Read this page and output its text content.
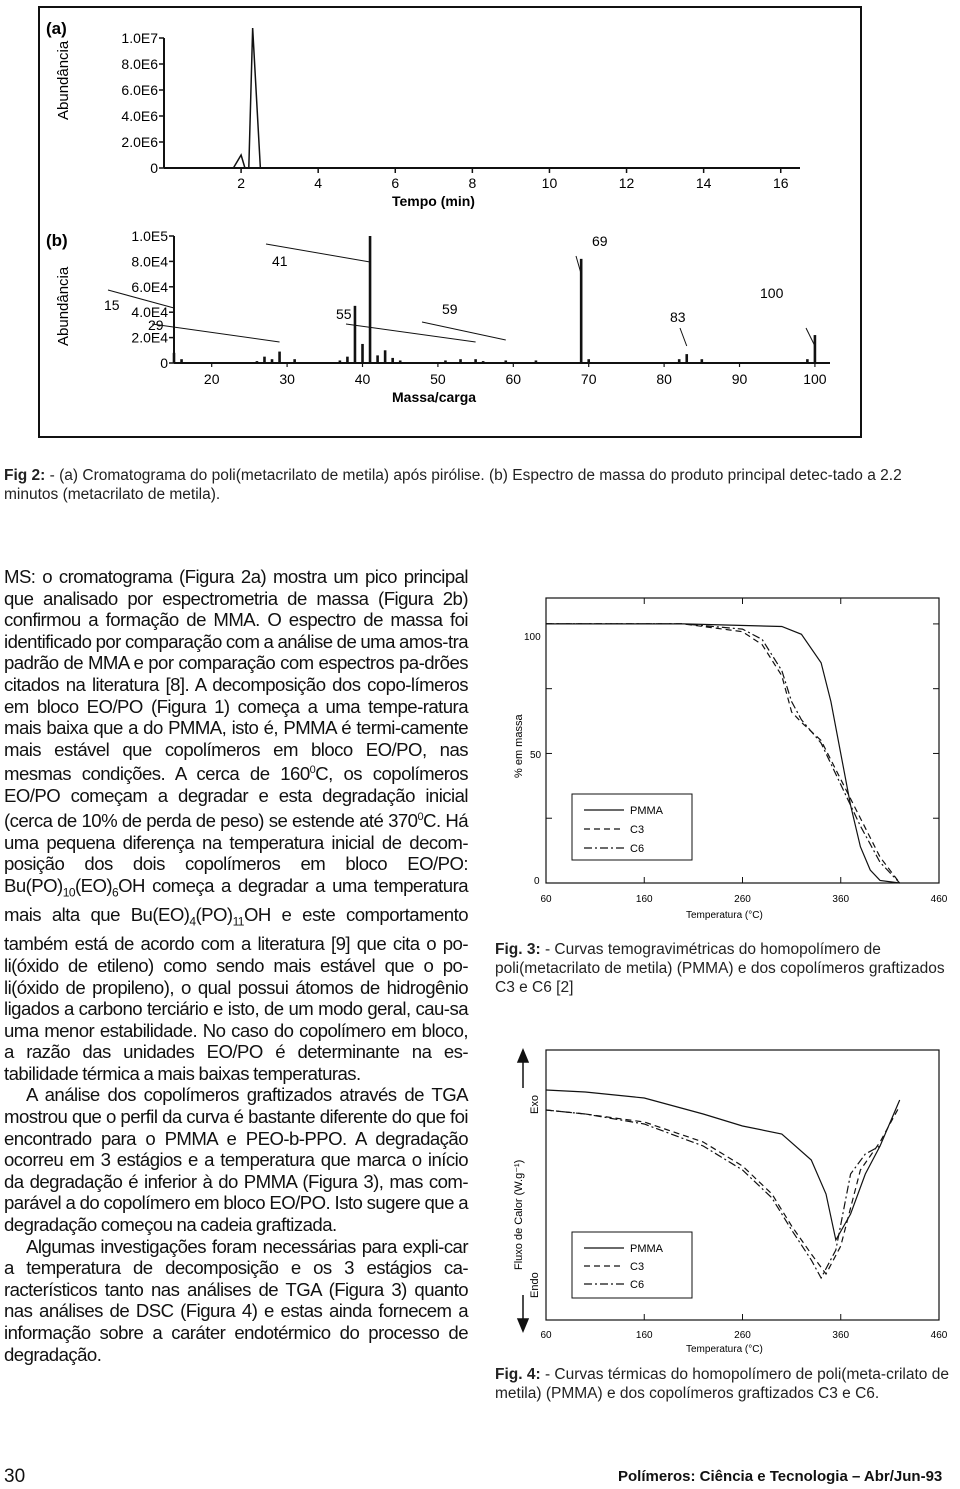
(a)
(b)
Abundância
Abundância
Tempo (min)
Massa/carga
1.0E7
8.0E6
6.0E6
4.0E6
2.0E6
0
2	4	6	8	10	12	14	16
1.0E5
8.0E4
6.0E4
4.0E4
2.0E4
0
20	30	40	50	60	70	80	90	100
15
29
41
55	59
69
83
100
Fig 2: - (a) Cromatograma do poli(metacrilato de metila) após pirólise. (b) Espectro de massa do produto principal detec-tado a 2.2 minutos (metacrilato de metila).

MS: o cromatograma (Figura 2a) mostra um pico principal que analisado por espectrometria de massa (Figura 2b) confirmou a formação de MMA. O espectro de massa foi identificado por comparação com a análise de uma amos-tra padrão de MMA e por comparação com espectros pa-drões citados na literatura [8]. A decomposição dos copo-límeros em bloco EO/PO (Figura 1) começa a uma tempe-ratura mais baixa que a do PMMA, isto é, PMMA é termi-camente mais estável que copolímeros em bloco EO/PO, nas mesmas condições. A cerca de $160^0C$, os copolímeros EO/PO começam a degradar e esta degradação inicial (cerca de 10% de perda de peso) se estende até $370^0C$. Há uma pequena diferença na temperatura inicial de decom-posição dos dois copolímeros em bloco EO/PO: $Bu(PO)_{10}(EO)_6OH$ começa a degradar a uma temperatura mais alta que $Bu(EO)_4(PO)_{11}OH$ e este comportamento também está de acordo com a literatura [9] que cita o po-li(óxido de etileno) como sendo mais estável que o po-li(óxido de propileno), o qual possui átomos de hidrogênio ligados a carbono terciário e isto, de um modo geral, cau-sa uma menor estabilidade. No caso do copolímero em bloco, a razão das unidades EO/PO é determinante na es-tabilidade térmica a mais baixas temperaturas.

A análise dos copolímeros graftizados através de TGA mostrou que o perfil da curva é bastante diferente do que foi encontrado para o PMMA e PEO-b-PPO. A degradação ocorreu em 3 estágios e a temperatura que marca o início da degradação é inferior à do PMMA (Figura 3), mas com-parável a do copolímero em bloco EO/PO. Isto sugere que a degradação começou na cadeia graftizada.

Algumas investigações foram necessárias para expli-car a temperatura de decomposição e os 3 estágios ca-racterísticos tanto nas análises de TGA (Figura 3) quanto nas análises de DSC (Figura 4) e estas ainda fornecem a informação sobre a caráter endotérmico do processo de degradação.

% em massa
100
50
0
Temperatura (°C)
60	160	260	360	460
PMMA
C3
C6
Fig. 3: - Curvas temogravimétricas do homopolímero de poli(metacrilato de metila) (PMMA) e dos copolímeros graftizados C3 e C6 [2]
Fluxo de Calor (W.g⁻¹)
Exo
Endo
Temperatura (°C)
60	160	260	360	460
PMMA
C3
C6
Fig. 4: - Curvas térmicas do homopolímero de poli(meta-crilato de metila) (PMMA) e dos copolímeros graftizados C3 e C6.
30	Polímeros: Ciência e Tecnologia – Abr/Jun-93
